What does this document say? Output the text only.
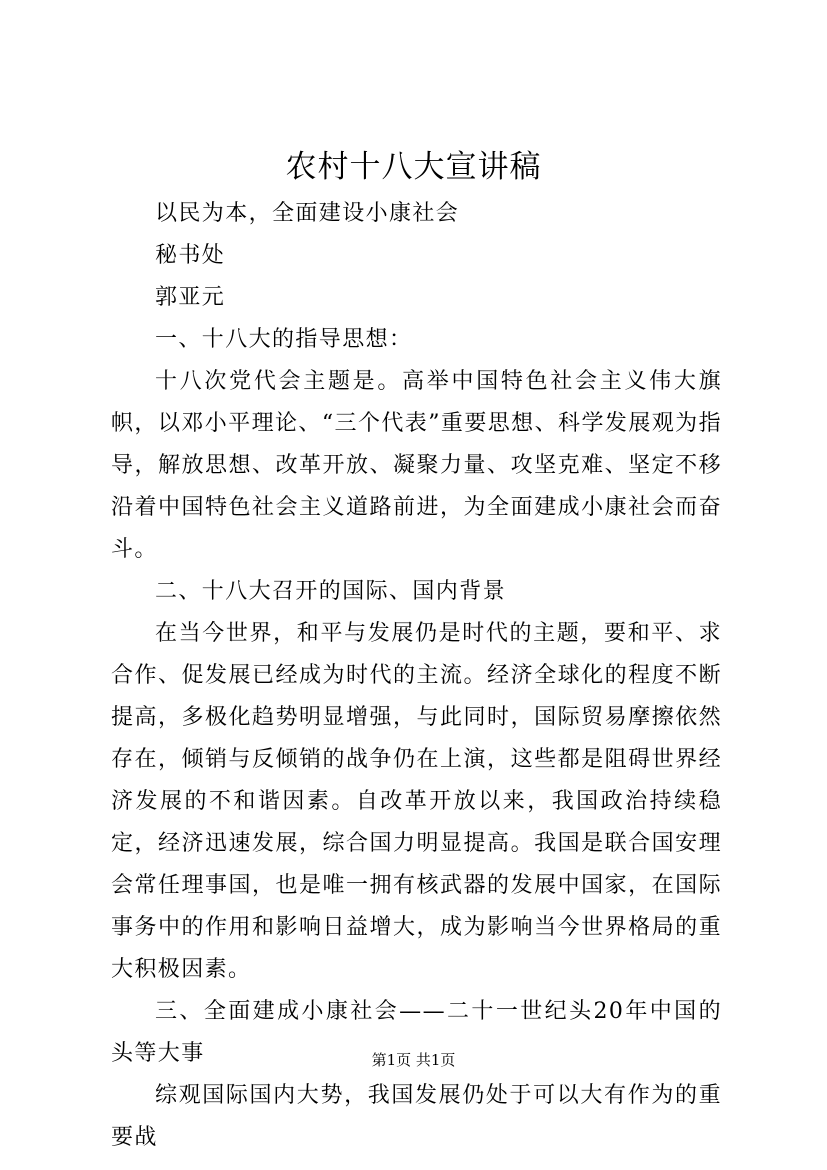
农村十八大宣讲稿

以民为本，全面建设小康社会

秘书处

郭亚元

一、十八大的指导思想：

十八次党代会主题是。高举中国特色社会主义伟大旗帜，以邓小平理论、“三个代表”重要思想、科学发展观为指导，解放思想、改革开放、凝聚力量、攻坚克难、坚定不移沿着中国特色社会主义道路前进，为全面建成小康社会而奋斗。

二、十八大召开的国际、国内背景

在当今世界，和平与发展仍是时代的主题，要和平、求合作、促发展已经成为时代的主流。经济全球化的程度不断提高，多极化趋势明显增强，与此同时，国际贸易摩擦依然存在，倾销与反倾销的战争仍在上演，这些都是阻碍世界经济发展的不和谐因素。自改革开放以来，我国政治持续稳定，经济迅速发展，综合国力明显提高。我国是联合国安理会常任理事国，也是唯一拥有核武器的发展中国家，在国际事务中的作用和影响日益增大，成为影响当今世界格局的重大积极因素。

三、全面建成小康社会——二十一世纪头20年中国的头等大事

综观国际国内大势，我国发展仍处于可以大有作为的重要战

第1页 共1页
